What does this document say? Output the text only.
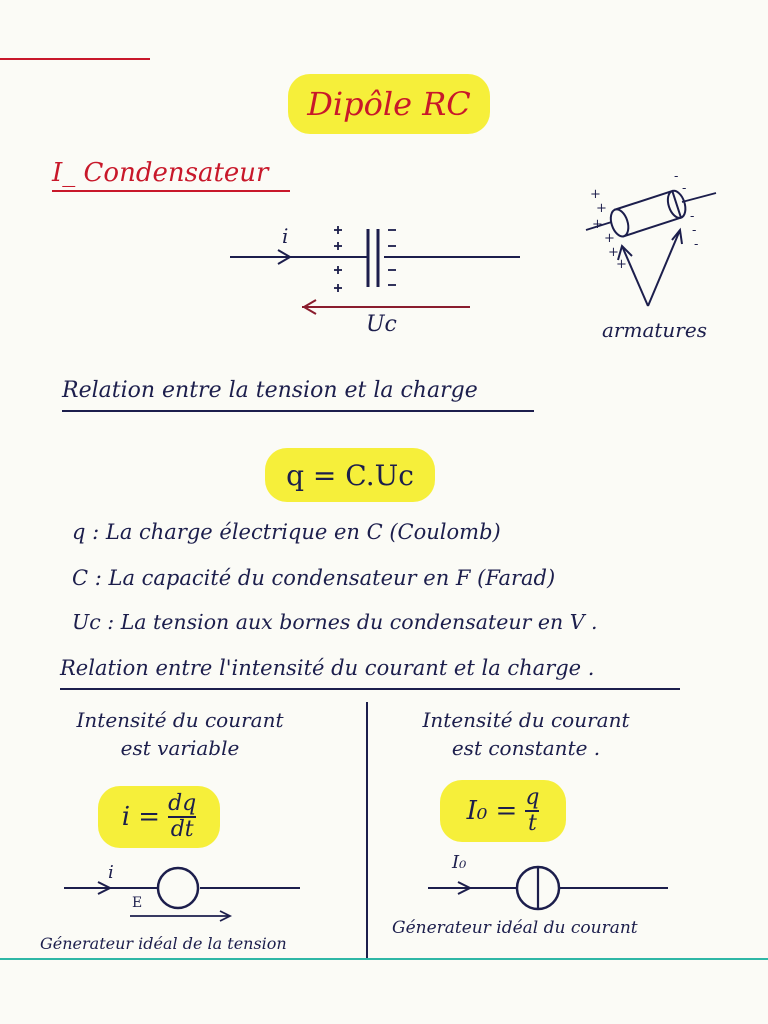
Dipôle RC
I_ Condensateur
i
Uc
+
+
+
+
+
+
-
-
-
-
-
armatures
Relation entre la tension et la charge
q = C.Uc
q : La charge électrique en C (Coulomb)
C : La capacité du condensateur en F (Farad)
Uc : La tension aux bornes du condensateur en V .
Relation entre l'intensité du courant et la charge .
Intensité du courant
est variable
$i = \frac{dq}{dt}$
i
E
Génerateur idéal de la tension
Intensité du courant
est constante .
$I_0 = \frac{q}{t}$
I₀
Génerateur idéal du courant
